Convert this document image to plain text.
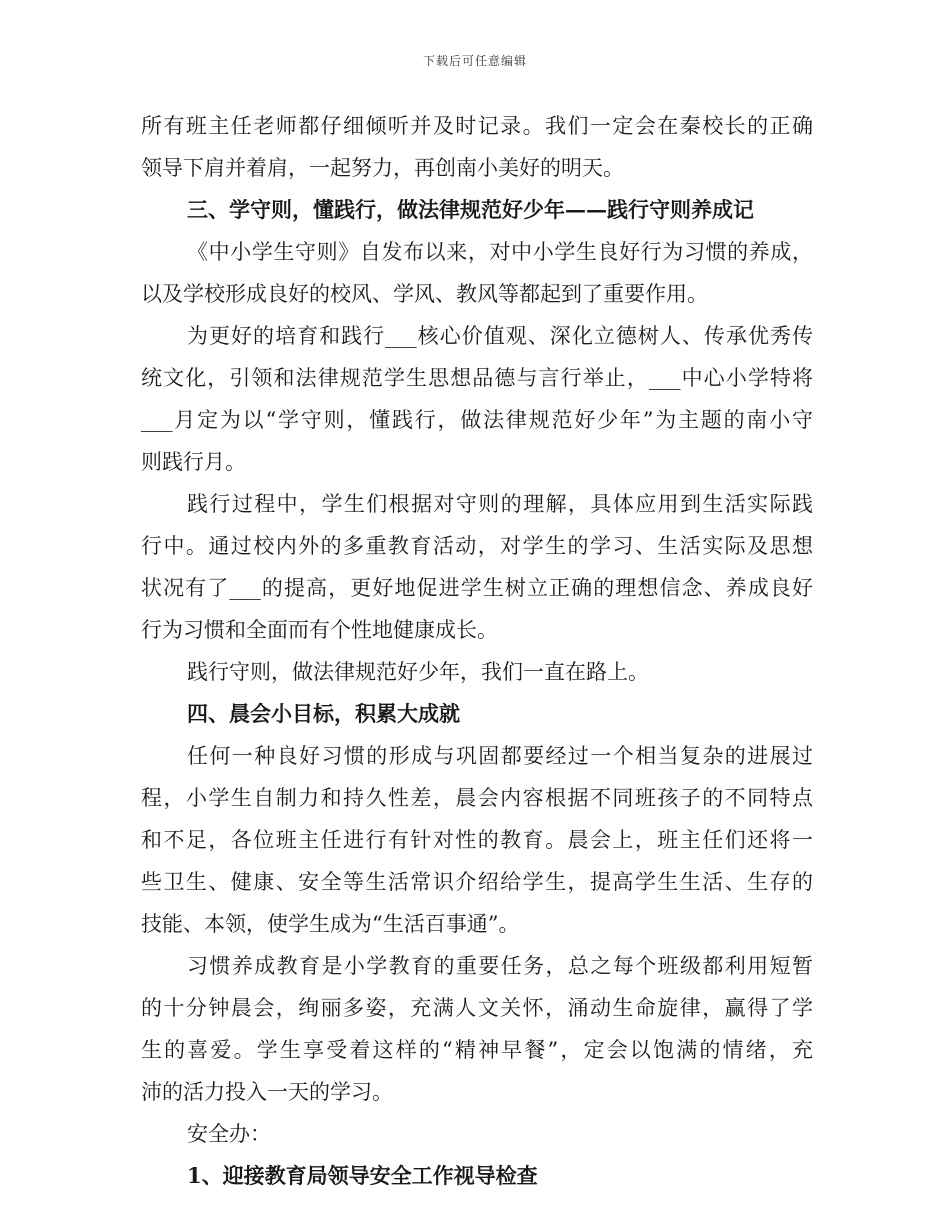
下载后可任意编辑
所有班主任老师都仔细倾听并及时记录。我们一定会在秦校长的正确
领导下肩并着肩，一起努力，再创南小美好的明天。
三、学守则，懂践行，做法律规范好少年——践行守则养成记
《中小学生守则》自发布以来，对中小学生良好行为习惯的养成，
以及学校形成良好的校风、学风、教风等都起到了重要作用。
为更好的培育和践行___核心价值观、深化立德树人、传承优秀传
统文化，引领和法律规范学生思想品德与言行举止，___中心小学特将
___月定为以“学守则，懂践行，做法律规范好少年”为主题的南小守
则践行月。
践行过程中，学生们根据对守则的理解，具体应用到生活实际践
行中。通过校内外的多重教育活动，对学生的学习、生活实际及思想
状况有了___的提高，更好地促进学生树立正确的理想信念、养成良好
行为习惯和全面而有个性地健康成长。
践行守则，做法律规范好少年，我们一直在路上。
四、晨会小目标，积累大成就
任何一种良好习惯的形成与巩固都要经过一个相当复杂的进展过
程，小学生自制力和持久性差，晨会内容根据不同班孩子的不同特点
和不足，各位班主任进行有针对性的教育。晨会上，班主任们还将一
些卫生、健康、安全等生活常识介绍给学生，提高学生生活、生存的
技能、本领，使学生成为“生活百事通”。
习惯养成教育是小学教育的重要任务，总之每个班级都利用短暂
的十分钟晨会，绚丽多姿，充满人文关怀，涌动生命旋律，赢得了学
生的喜爱。学生享受着这样的“精神早餐”，定会以饱满的情绪，充
沛的活力投入一天的学习。
安全办：
1、迎接教育局领导安全工作视导检查
